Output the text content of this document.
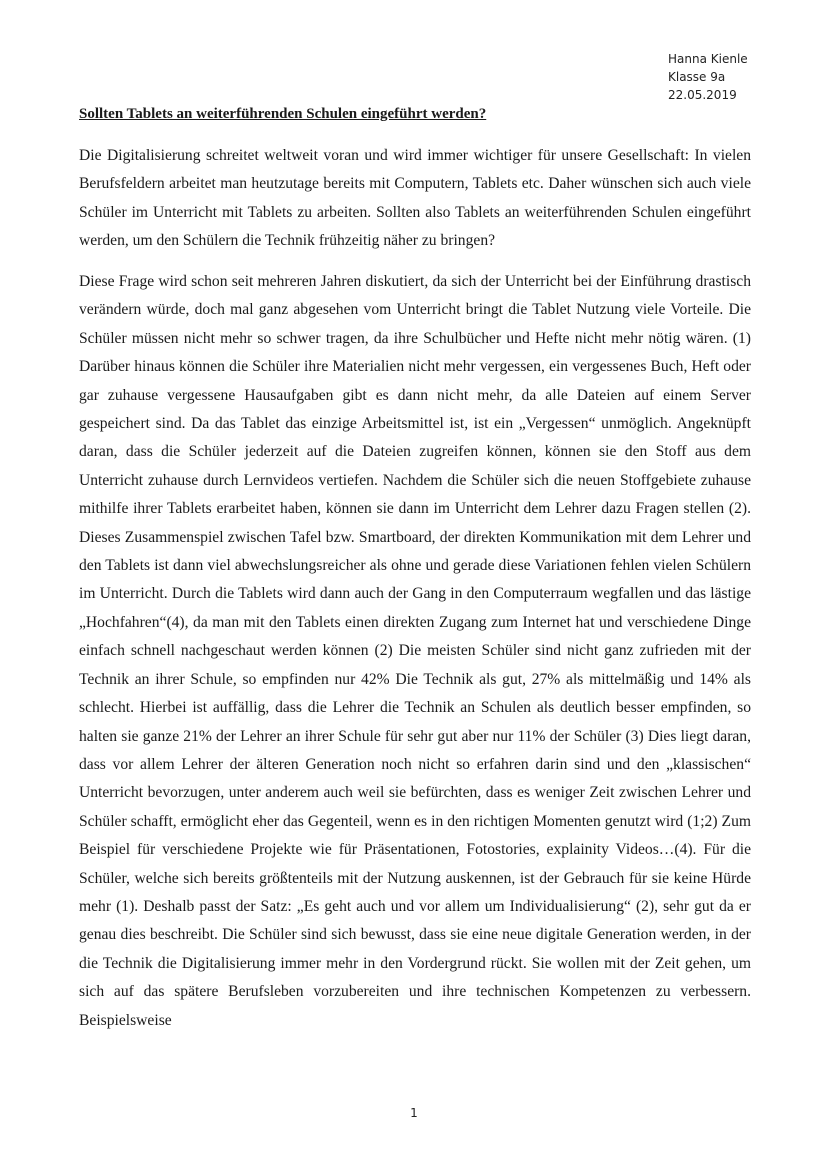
Hanna Kienle
Klasse 9a
22.05.2019
Sollten Tablets an weiterführenden Schulen eingeführt werden?

Die Digitalisierung schreitet weltweit voran und wird immer wichtiger für unsere Gesellschaft: In vielen Berufsfeldern arbeitet man heutzutage bereits mit Computern, Tablets etc. Daher wünschen sich auch viele Schüler im Unterricht mit Tablets zu arbeiten. Sollten also Tablets an weiterführenden Schulen eingeführt werden, um den Schülern die Technik frühzeitig näher zu bringen?

Diese Frage wird schon seit mehreren Jahren diskutiert, da sich der Unterricht bei der Einführung drastisch verändern würde, doch mal ganz abgesehen vom Unterricht bringt die Tablet Nutzung viele Vorteile. Die Schüler müssen nicht mehr so schwer tragen, da ihre Schulbücher und Hefte nicht mehr nötig wären. (1) Darüber hinaus können die Schüler ihre Materialien nicht mehr vergessen, ein vergessenes Buch, Heft oder gar zuhause vergessene Hausaufgaben gibt es dann nicht mehr, da alle Dateien auf einem Server gespeichert sind. Da das Tablet das einzige Arbeitsmittel ist, ist ein „Vergessen“ unmöglich. Angeknüpft daran, dass die Schüler jederzeit auf die Dateien zugreifen können, können sie den Stoff aus dem Unterricht zuhause durch Lernvideos vertiefen. Nachdem die Schüler sich die neuen Stoffgebiete zuhause mithilfe ihrer Tablets erarbeitet haben, können sie dann im Unterricht dem Lehrer dazu Fragen stellen (2). Dieses Zusammenspiel zwischen Tafel bzw. Smartboard, der direkten Kommunikation mit dem Lehrer und den Tablets ist dann viel abwechslungsreicher als ohne und gerade diese Variationen fehlen vielen Schülern im Unterricht. Durch die Tablets wird dann auch der Gang in den Computerraum wegfallen und das lästige „Hochfahren“(4), da man mit den Tablets einen direkten Zugang zum Internet hat und verschiedene Dinge einfach schnell nachgeschaut werden können (2) Die meisten Schüler sind nicht ganz zufrieden mit der Technik an ihrer Schule, so empfinden nur 42% Die Technik als gut, 27% als mittelmäßig und 14% als schlecht. Hierbei ist auffällig, dass die Lehrer die Technik an Schulen als deutlich besser empfinden, so halten sie ganze 21% der Lehrer an ihrer Schule für sehr gut aber nur 11% der Schüler (3) Dies liegt daran, dass vor allem Lehrer der älteren Generation noch nicht so erfahren darin sind und den „klassischen“ Unterricht bevorzugen, unter anderem auch weil sie befürchten, dass es weniger Zeit zwischen Lehrer und Schüler schafft, ermöglicht eher das Gegenteil, wenn es in den richtigen Momenten genutzt wird (1;2) Zum Beispiel für verschiedene Projekte wie für Präsentationen, Fotostories, explainity Videos…(4). Für die Schüler, welche sich bereits größtenteils mit der Nutzung auskennen, ist der Gebrauch für sie keine Hürde mehr (1). Deshalb passt der Satz: „Es geht auch und vor allem um Individualisierung“ (2), sehr gut da er genau dies beschreibt. Die Schüler sind sich bewusst, dass sie eine neue digitale Generation werden, in der die Technik die Digitalisierung immer mehr in den Vordergrund rückt. Sie wollen mit der Zeit gehen, um sich auf das spätere Berufsleben vorzubereiten und ihre technischen Kompetenzen zu verbessern. Beispielsweise

1
